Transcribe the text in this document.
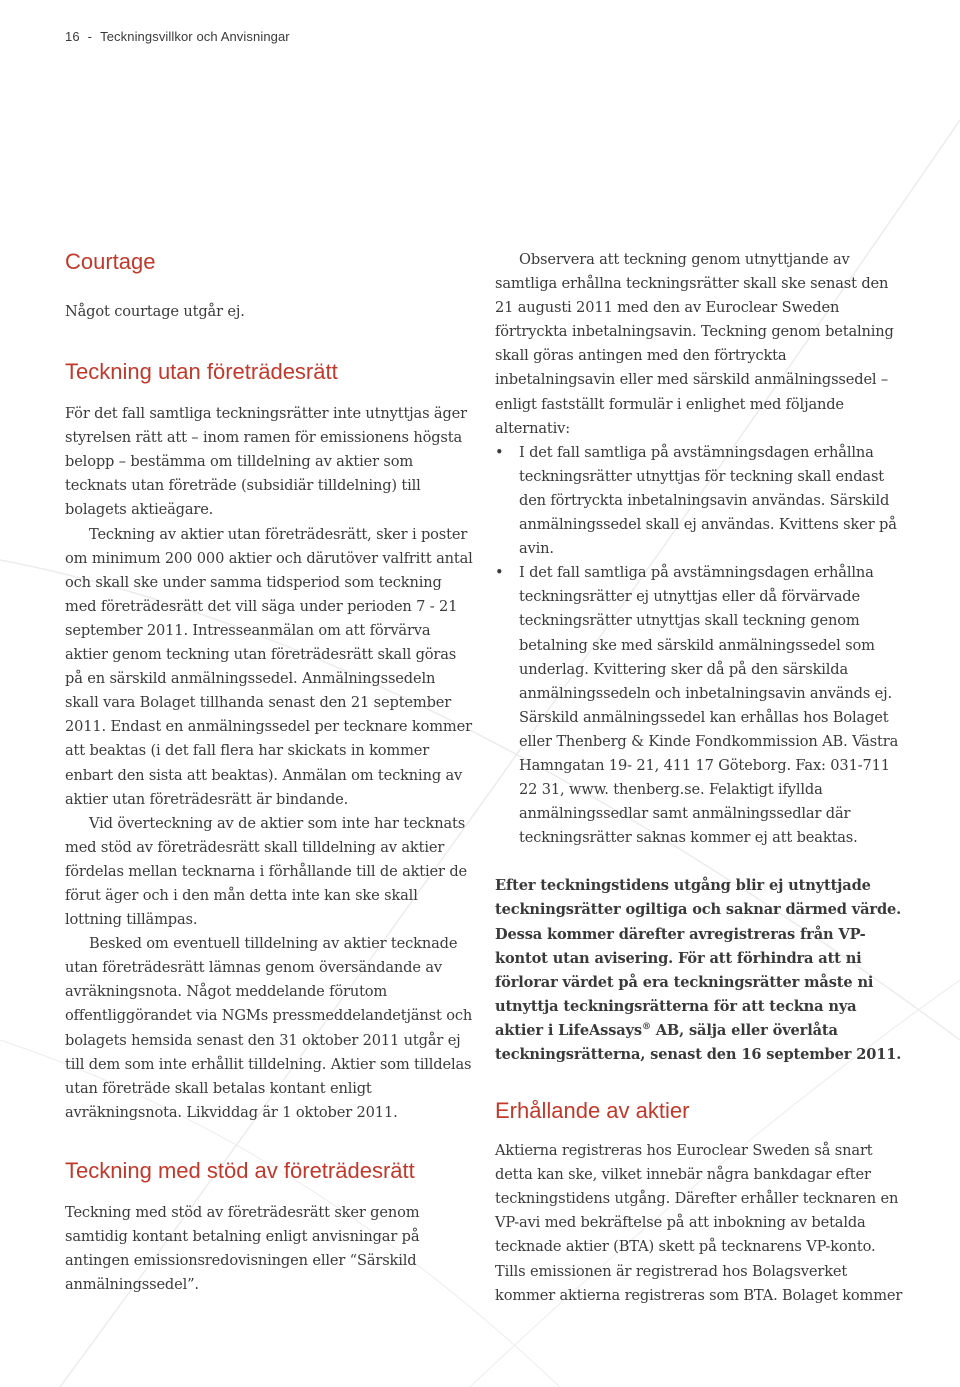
16 - Teckningsvillkor och Anvisningar
Courtage

Något courtage utgår ej.

Teckning utan företrädesrätt

För det fall samtliga teckningsrätter inte utnyttjas äger styrelsen rätt att – inom ramen för emissionens högsta belopp – bestämma om tilldelning av aktier som tecknats utan företräde (subsidiär tilldelning) till bolagets aktieägare.

Teckning av aktier utan företrädesrätt, sker i poster om minimum 200 000 aktier och därutöver valfritt antal och skall ske under samma tidsperiod som teckning med företrädesrätt det vill säga under perioden 7 - 21 september 2011. Intresseanmälan om att förvärva aktier genom teckning utan företrädesrätt skall göras på en särskild anmälningssedel. Anmälningssedeln skall vara Bolaget tillhanda senast den 21 september 2011. Endast en anmälningssedel per tecknare kommer att beaktas (i det fall flera har skickats in kommer enbart den sista att beaktas). Anmälan om teckning av aktier utan företrädesrätt är bindande.

Vid överteckning av de aktier som inte har tecknats med stöd av företrädesrätt skall tilldelning av aktier fördelas mellan tecknarna i förhållande till de aktier de förut äger och i den mån detta inte kan ske skall lottning tillämpas.

Besked om eventuell tilldelning av aktier tecknade utan företrädesrätt lämnas genom översändande av avräkningsnota. Något meddelande förutom offentliggörandet via NGMs pressmeddelandetjänst och bolagets hemsida senast den 31 oktober 2011 utgår ej till dem som inte erhållit tilldelning. Aktier som tilldelas utan företräde skall betalas kontant enligt avräkningsnota. Likviddag är 1 oktober 2011.

Teckning med stöd av företrädesrätt

Teckning med stöd av företrädesrätt sker genom samtidig kontant betalning enligt anvisningar på antingen emissionsredovisningen eller “Särskild anmälningssedel”.

Observera att teckning genom utnyttjande av samtliga erhållna teckningsrätter skall ske senast den 21 augusti 2011 med den av Euroclear Sweden förtryckta inbetalningsavin. Teckning genom betalning skall göras antingen med den förtryckta inbetalningsavin eller med särskild anmälningssedel – enligt fastställt formulär i enlighet med följande alternativ:

• I det fall samtliga på avstämningsdagen erhållna teckningsrätter utnyttjas för teckning skall endast den förtryckta inbetalningsavin användas. Särskild anmälningssedel skall ej användas. Kvittens sker på avin.
• I det fall samtliga på avstämningsdagen erhållna teckningsrätter ej utnyttjas eller då förvärvade teckningsrätter utnyttjas skall teckning genom betalning ske med särskild anmälningssedel som underlag. Kvittering sker då på den särskilda anmälningssedeln och inbetalningsavin används ej. Särskild anmälningssedel kan erhållas hos Bolaget eller Thenberg & Kinde Fondkommission AB. Västra Hamngatan 19- 21, 411 17 Göteborg. Fax: 031-711 22 31, www. thenberg.se. Felaktigt ifyllda anmälningssedlar samt anmälningssedlar där teckningsrätter saknas kommer ej att beaktas.

Efter teckningstidens utgång blir ej utnyttjade teckningsrätter ogiltiga och saknar därmed värde. Dessa kommer därefter avregistreras från VP-kontot utan avisering. För att förhindra att ni förlorar värdet på era teckningsrätter måste ni utnyttja teckningsrätterna för att teckna nya aktier i LifeAssays® AB, sälja eller överlåta teckningsrätterna, senast den 16 september 2011.

Erhållande av aktier

Aktierna registreras hos Euroclear Sweden så snart detta kan ske, vilket innebär några bankdagar efter teckningstidens utgång. Därefter erhåller tecknaren en VP-avi med bekräftelse på att inbokning av betalda tecknade aktier (BTA) skett på tecknarens VP-konto. Tills emissionen är registrerad hos Bolagsverket kommer aktierna registreras som BTA. Bolaget kommer
